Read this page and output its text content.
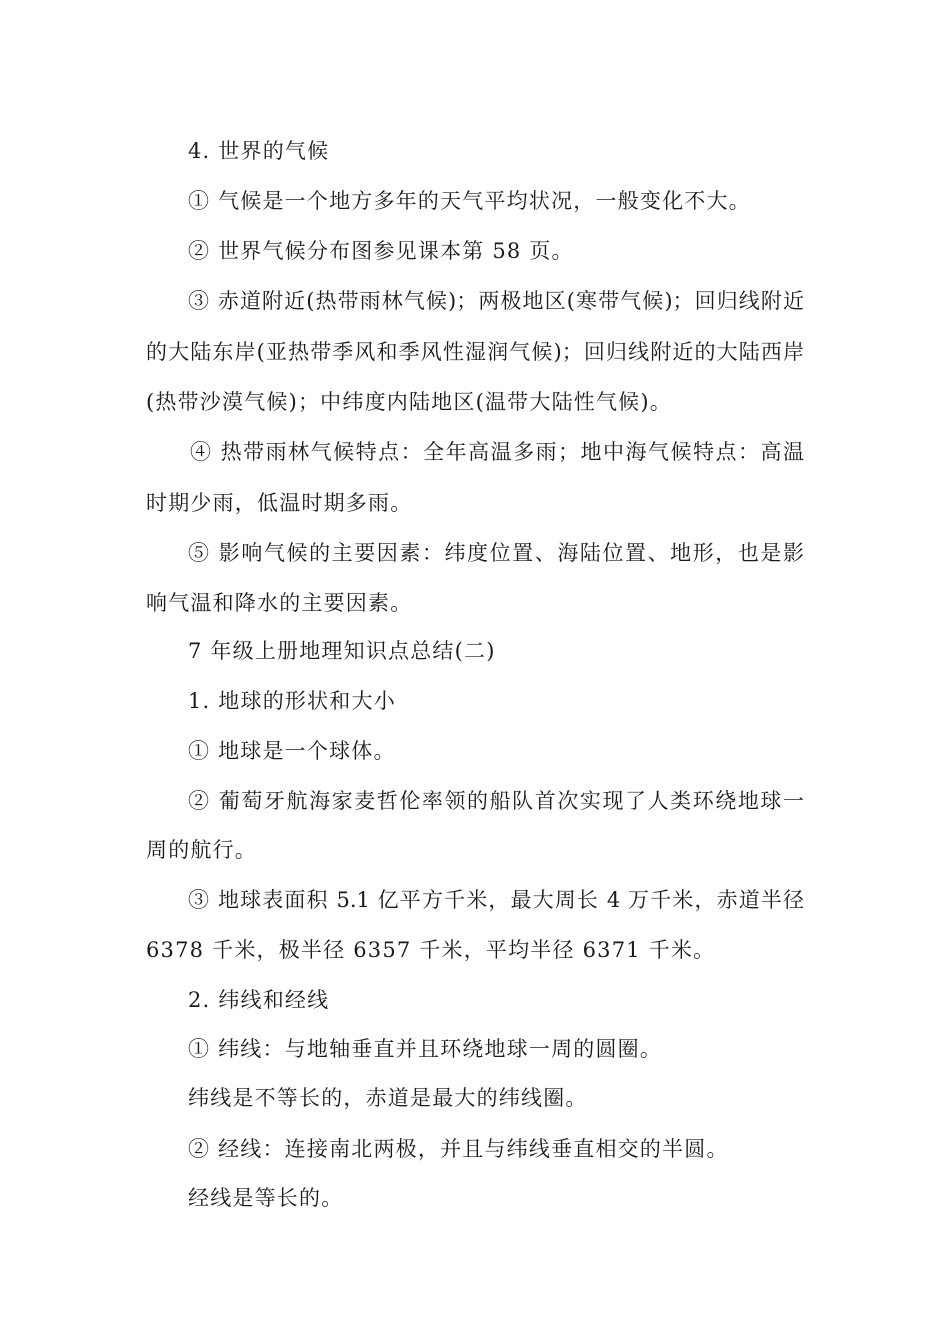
4. 世界的气候
① 气候是一个地方多年的天气平均状况，一般变化不大。
② 世界气候分布图参见课本第 58 页。
③ 赤道附近(热带雨林气候)；两极地区(寒带气候)；回归线附近
的大陆东岸(亚热带季风和季风性湿润气候)；回归线附近的大陆西岸
(热带沙漠气候)；中纬度内陆地区(温带大陆性气候)。
④ 热带雨林气候特点：全年高温多雨；地中海气候特点：高温
时期少雨，低温时期多雨。
⑤ 影响气候的主要因素：纬度位置、海陆位置、地形，也是影
响气温和降水的主要因素。
7 年级上册地理知识点总结(二)
1. 地球的形状和大小
① 地球是一个球体。
② 葡萄牙航海家麦哲伦率领的船队首次实现了人类环绕地球一
周的航行。
③ 地球表面积 5.1 亿平方千米，最大周长 4 万千米，赤道半径
6378 千米，极半径 6357 千米，平均半径 6371 千米。
2. 纬线和经线
① 纬线：与地轴垂直并且环绕地球一周的圆圈。
纬线是不等长的，赤道是最大的纬线圈。
② 经线：连接南北两极，并且与纬线垂直相交的半圆。
经线是等长的。
